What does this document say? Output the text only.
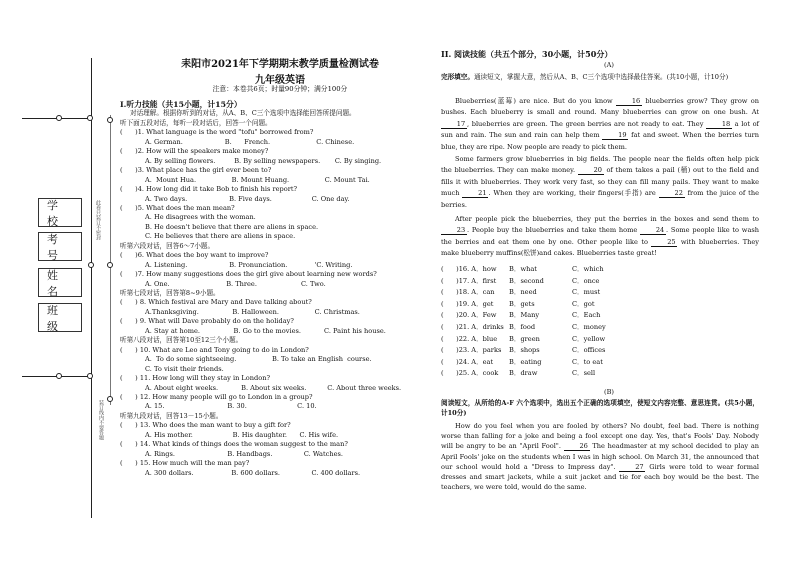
学校
考号
姓名
班级
此卷只装订不密封
装订线内不要答题
耒阳市2021年下学期期末教学质量检测试卷
九年级英语
注意：本卷共6页；时量90分钟；满分100分
I.听力技能（共15小题，计15分）
对话理解。根据你听到的对话，从A、B、C三个选项中选择能回答所提问题。
听下面五段对话，每听一段对话后，回答一个问题。
(      )1. What language is the word "tofu" borrowed from?
A. German.                    B.      French.                      C. Chinese.
(      )2. How will the speakers make money?
A. By selling flowers.         B. By selling newspapers.       C. By singing.
(      )3. What place has the girl ever been to?
A.  Mount Hua.                 B. Mount Huang.                 C. Mount Tai.
(      )4. How long did it take Bob to finish his report?
A. Two days.                    B. Five days.                   C. One day.
(      )5. What does the man mean?
A. He disagrees with the woman.
B. He doesn't believe that there are aliens in space.
C. He believes that there are aliens in space.
听第六段对话，回答6～7小题。
(      )6. What does the boy want to improve?
A. Listening.                    B. Pronunciation.             'C. Writing.
(      )7. How many suggestions does the girl give about learning new words?
A. One.                           B. Three.                     C. Two.
听第七段对话，回答第8~9小题。
(      ) 8. Which festival are Mary and Dave talking about?
A.Thanksgiving.                B. Halloween.                 C. Christmas.
(      ) 9. What will Dave probably do on the holiday?
A. Stay at home.                B. Go to the movies.           C. Paint his house.
听第八段对话，回答第10至12三个小题。
(      ) 10. What are Leo and Tony going to do in London?
A.  To do some sightseeing.                 B. To take an English  course.
C. To visit their friends.
(      ) 11. How long will they stay in London?
A. About eight weeks.           B. About six weeks.          C. About three weeks.
(      ) 12. How many people will go to London in a group?
A. 15.                              B. 30.                        C. 10.
听第九段对话，回答13－15小题。
(      ) 13. Who does the man want to buy a gift for?
A. His mother.                   B. His daughter.      C. His wife.
(      ) 14. What kinds of things does the woman suggest to the man?
A. Rings.                         B. Handbags.               C. Watches.
(      ) 15. How much will the man pay?
A. 300 dollars.                  B. 600 dollars.               C. 400 dollars.
II. 阅读技能（共五个部分，30小题，计50分）
(A)
完形填空。通读短文，掌握大意，然后从A、B、C三个选项中选择最佳答案。(共10小题，计10分)
Blueberries(蓝莓) are nice. But do you know 16 blueberries grow? They grow on bushes. Each blueberry is small and round. Many blueberries can grow on one bush. At 17 , blueberries are green. The green berries are not ready to eat. They 18 a lot of sun and rain. The sun and rain can help them 19 fat and sweet. When the berries turn blue, they are ripe. Now people are ready to pick them.
Some farmers grow blueberries in big fields. The people near the fields often help pick the blueberries. They can make money. 20 of them takes a pail (桶) out to the field and fills it with blueberries. They work very fast, so they can fill many pails. They want to make much 21 . When they are working, their fingers(手指) are 22 from the juice of the berries.
After people pick the blueberries, they put the berries in the boxes and send them to 23 . People buy the blueberries and take them home 24 . Some people like to wash the berries and eat them one by one. Other people like to 25 with blueberries. They make blueberry muffins(松饼)and cakes. Blueberries taste great!
(      )16. A．how B．what	C．which
(      )17. A．first B．second	C．once
(      )18. A．can B．need	C．must
(      )19. A．get B．gets	C．got
(      )20. A．Few B．Many	C．Each
(      )21. A．drinks B．food	C．money
(      )22. A．blue B．green	C．yellow
(      )23. A．parks B．shops	C．offices
(      )24. A．eat B．eating	C．to eat
(      )25. A．cook B．draw	C．sell
(B)
阅读短文，从所给的A-F 六个选项中，选出五个正确的选项填空，使短文内容完整、意思连贯。(共5小题，计10分)
How do you feel when you are fooled by others? No doubt, feel bad. There is nothing worse than falling for a joke and being a fool except one day. Yes, that's Fools' Day. Nobody will be angry to be an "April Fool". 26 The headmaster at my school decided to play an April Fools' joke on the students when I was in high school. On March 31, the announced that our school would hold a "Dress to Impress day". 27 Girls were told to wear formal dresses and smart jackets, while a suit jacket and tie for each boy would be the best. The teachers, we were told, would do the same.
